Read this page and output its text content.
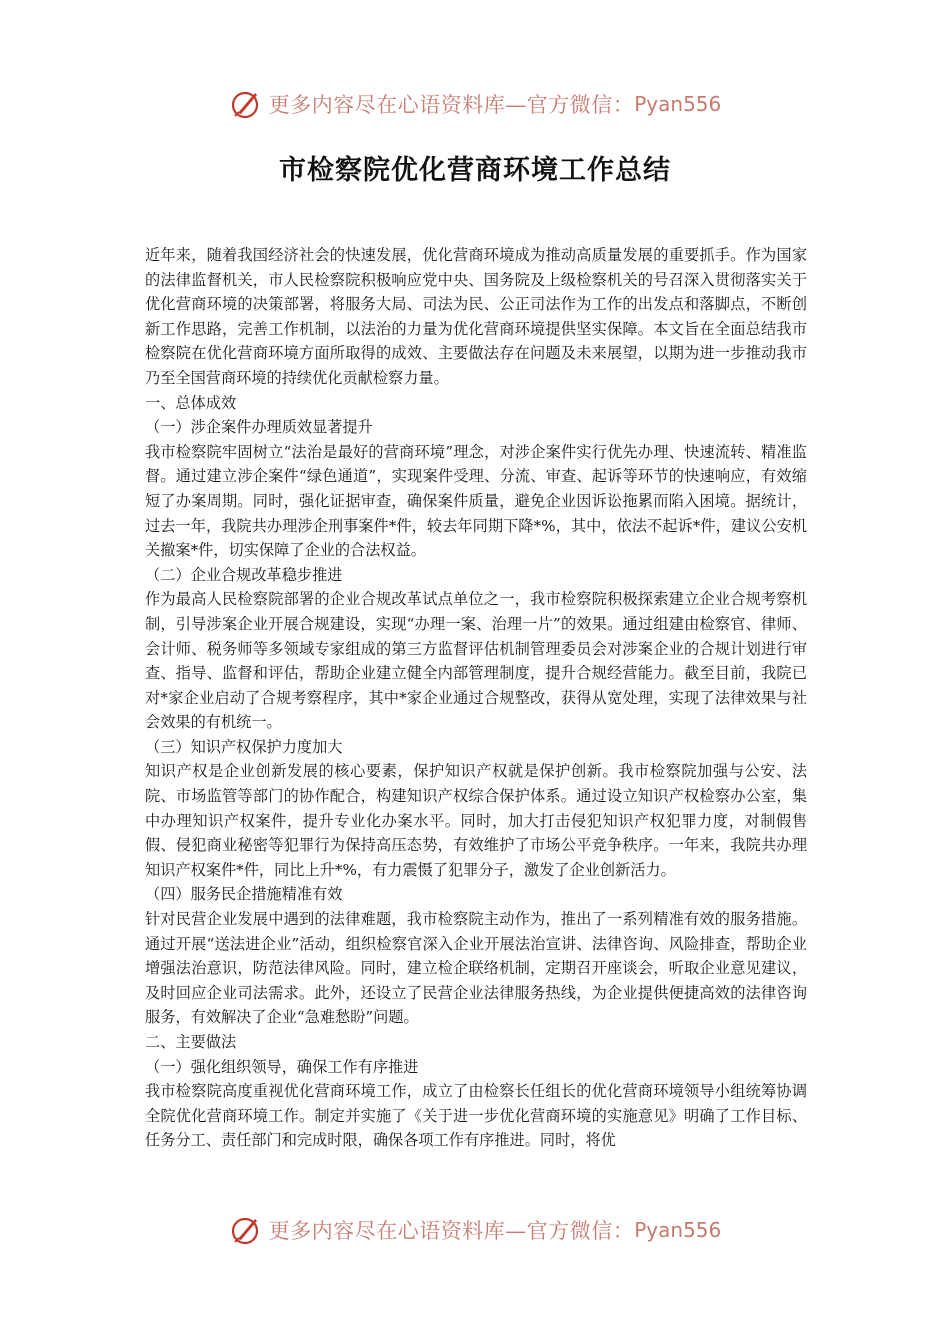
更多内容尽在心语资料库—官方微信： Pyan556
市检察院优化营商环境工作总结

近年来，随着我国经济社会的快速发展，优化营商环境成为推动高质量发展的重要抓手。作为国家的法律监督机关，市人民检察院积极响应党中央、国务院及上级检察机关的号召深入贯彻落实关于优化营商环境的决策部署，将服务大局、司法为民、公正司法作为工作的出发点和落脚点，不断创新工作思路，完善工作机制，以法治的力量为优化营商环境提供坚实保障。本文旨在全面总结我市检察院在优化营商环境方面所取得的成效、主要做法存在问题及未来展望，以期为进一步推动我市乃至全国营商环境的持续优化贡献检察力量。

一、总体成效

（一）涉企案件办理质效显著提升

我市检察院牢固树立“法治是最好的营商环境”理念，对涉企案件实行优先办理、快速流转、精准监督。通过建立涉企案件“绿色通道”，实现案件受理、分流、审查、起诉等环节的快速响应，有效缩短了办案周期。同时，强化证据审查，确保案件质量，避免企业因诉讼拖累而陷入困境。据统计，过去一年，我院共办理涉企刑事案件*件，较去年同期下降*%，其中，依法不起诉*件，建议公安机关撤案*件，切实保障了企业的合法权益。

（二）企业合规改革稳步推进

作为最高人民检察院部署的企业合规改革试点单位之一，我市检察院积极探索建立企业合规考察机制，引导涉案企业开展合规建设，实现“办理一案、治理一片”的效果。通过组建由检察官、律师、会计师、税务师等多领域专家组成的第三方监督评估机制管理委员会对涉案企业的合规计划进行审查、指导、监督和评估，帮助企业建立健全内部管理制度，提升合规经营能力。截至目前，我院已对*家企业启动了合规考察程序，其中*家企业通过合规整改，获得从宽处理，实现了法律效果与社会效果的有机统一。

（三）知识产权保护力度加大

知识产权是企业创新发展的核心要素，保护知识产权就是保护创新。我市检察院加强与公安、法院、市场监管等部门的协作配合，构建知识产权综合保护体系。通过设立知识产权检察办公室，集中办理知识产权案件，提升专业化办案水平。同时，加大打击侵犯知识产权犯罪力度，对制假售假、侵犯商业秘密等犯罪行为保持高压态势，有效维护了市场公平竞争秩序。一年来，我院共办理知识产权案件*件，同比上升*%，有力震慑了犯罪分子，激发了企业创新活力。

（四）服务民企措施精准有效

针对民营企业发展中遇到的法律难题，我市检察院主动作为，推出了一系列精准有效的服务措施。通过开展“送法进企业”活动，组织检察官深入企业开展法治宣讲、法律咨询、风险排查，帮助企业增强法治意识，防范法律风险。同时，建立检企联络机制，定期召开座谈会，听取企业意见建议，及时回应企业司法需求。此外，还设立了民营企业法律服务热线，为企业提供便捷高效的法律咨询服务，有效解决了企业“急难愁盼”问题。

二、主要做法

（一）强化组织领导，确保工作有序推进

我市检察院高度重视优化营商环境工作，成立了由检察长任组长的优化营商环境领导小组统筹协调全院优化营商环境工作。制定并实施了《关于进一步优化营商环境的实施意见》明确了工作目标、任务分工、责任部门和完成时限，确保各项工作有序推进。同时，将优

更多内容尽在心语资料库—官方微信： Pyan556
